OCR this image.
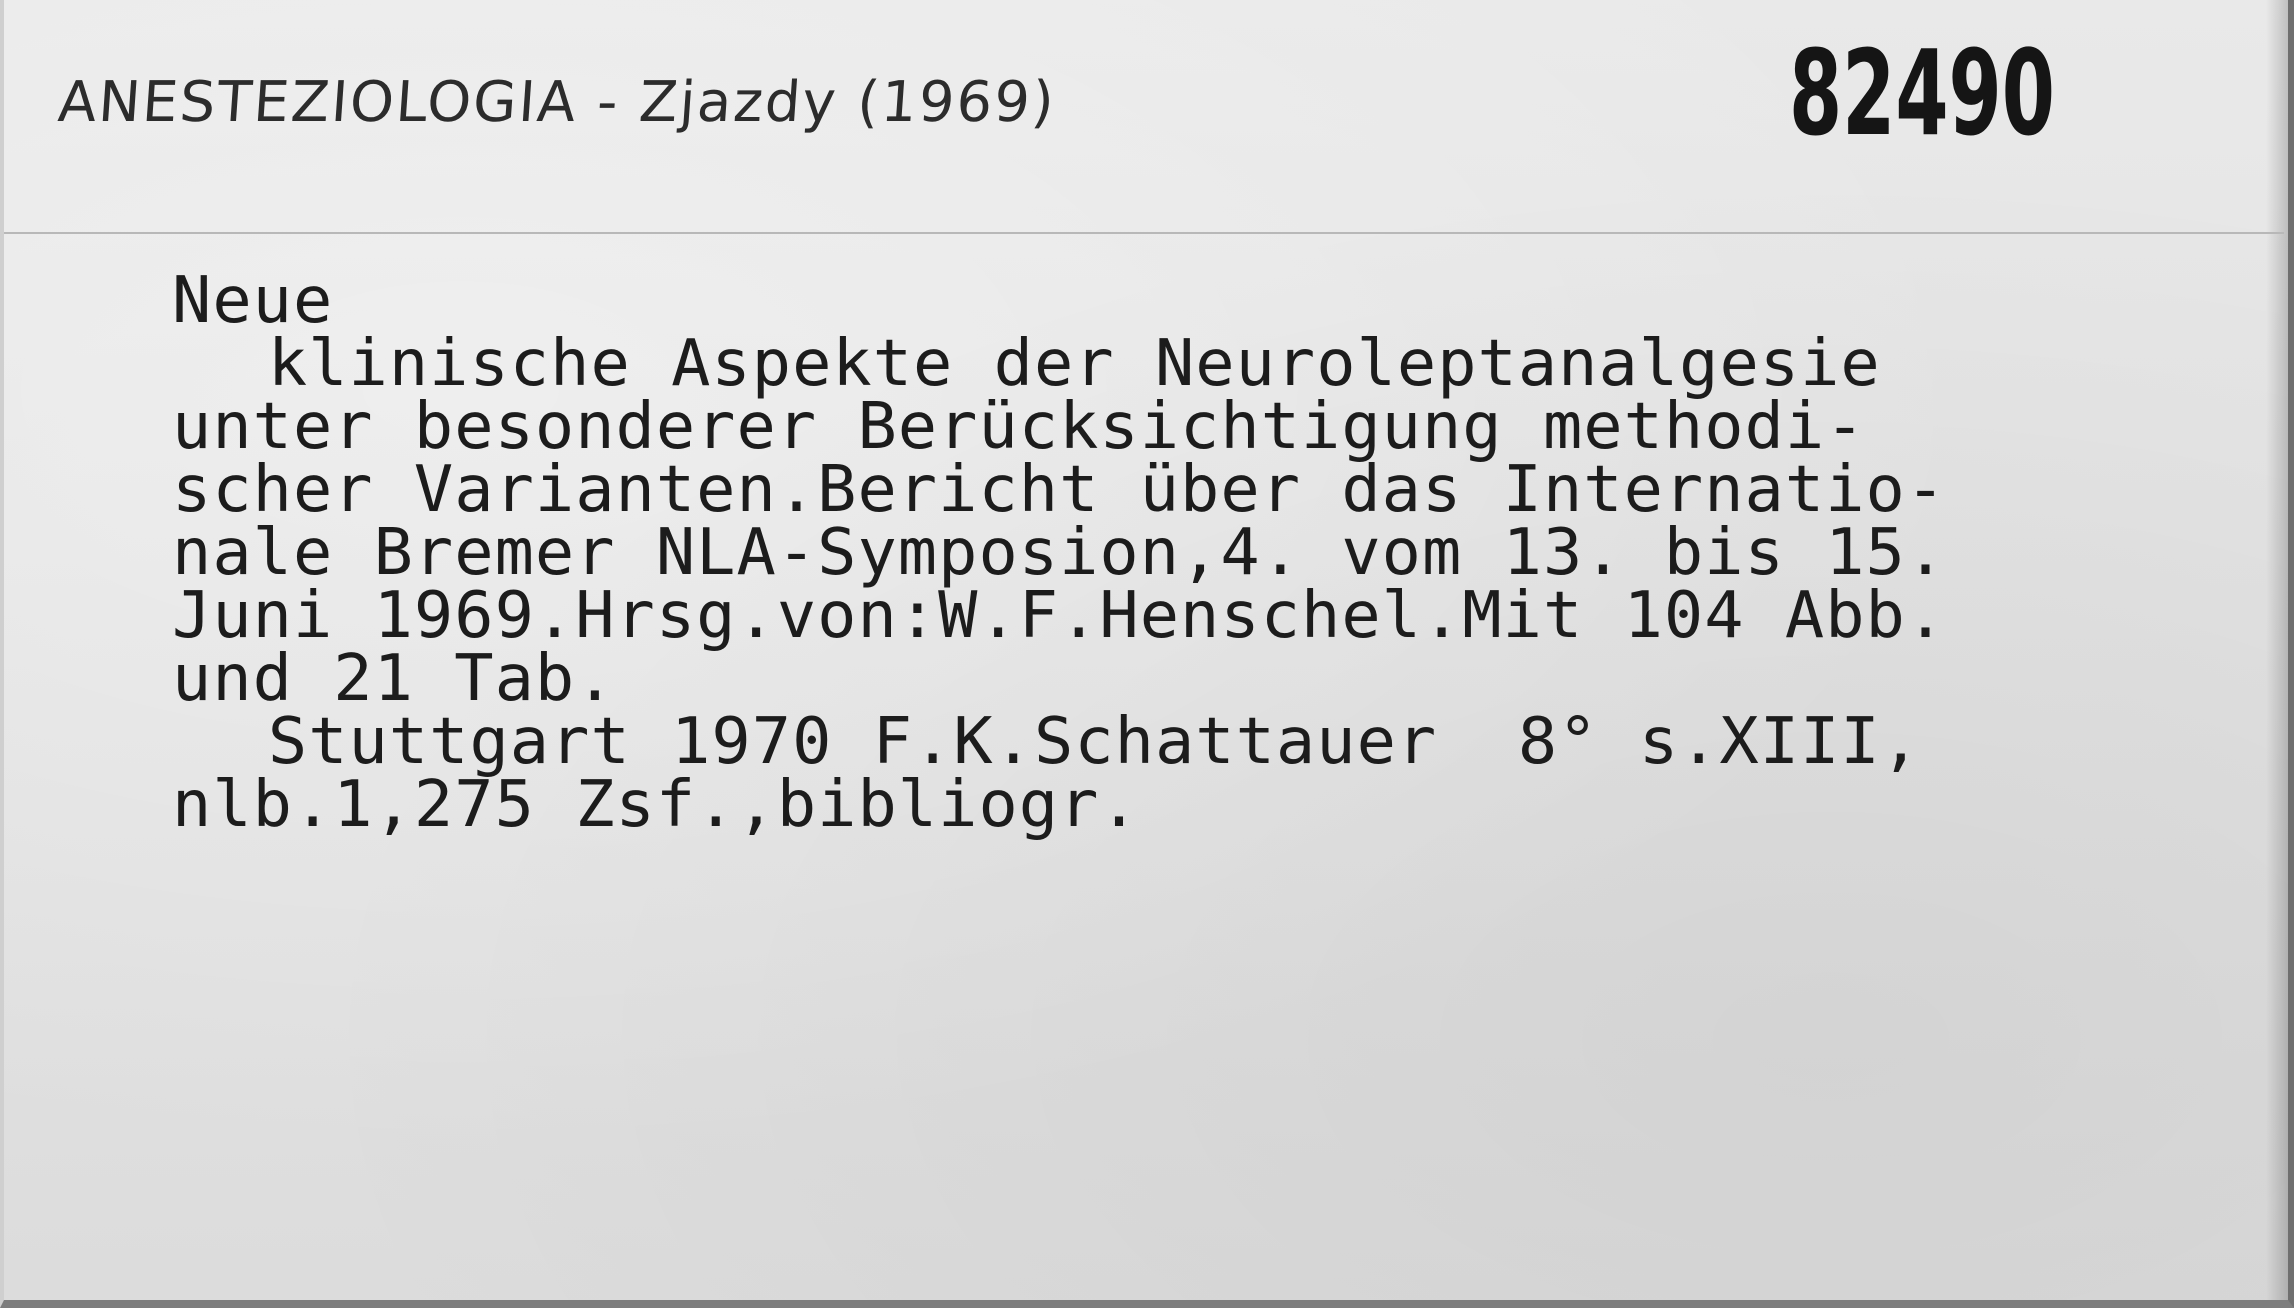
ANESTEZIOLOGIA - Zjazdy (1969)	82490
Neue
klinische Aspekte der Neuroleptanalgesie
unter besonderer Berücksichtigung methodi-
scher Varianten.Bericht über das Internatio-
nale Bremer NLA-Symposion,4. vom 13. bis 15.
Juni 1969.Hrsg.von:W.F.Henschel.Mit 104 Abb.
und 21 Tab.
Stuttgart 1970 F.K.Schattauer  8° s.XIII,
nlb.1,275 Zsf.,bibliogr.
